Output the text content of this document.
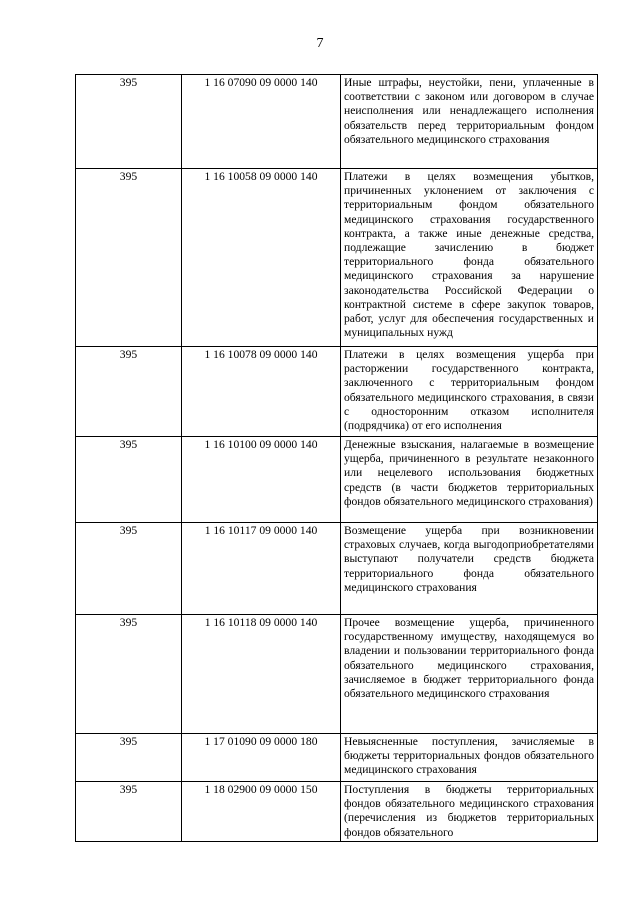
7
395	1 16 07090 09 0000 140	Иные штрафы, неустойки, пени, уплаченные в соответствии с законом или договором в случае неисполнения или ненадлежащего исполнения обязательств перед территориальным фондом обязательного медицинского страхования
395	1 16 10058 09 0000 140	Платежи в целях возмещения убытков, причиненных уклонением от заключения с территориальным фондом обязательного медицинского страхования государственного контракта, а также иные денежные средства, подлежащие зачислению в бюджет территориального фонда обязательного медицинского страхования за нарушение законодательства Российской Федерации о контрактной системе в сфере закупок товаров, работ, услуг для обеспечения государственных и муниципальных нужд
395	1 16 10078 09 0000 140	Платежи в целях возмещения ущерба при расторжении государственного контракта, заключенного с территориальным фондом обязательного медицинского страхования, в связи с односторонним отказом исполнителя (подрядчика) от его исполнения
395	1 16 10100 09 0000 140	Денежные взыскания, налагаемые в возмещение ущерба, причиненного в результате незаконного или нецелевого использования бюджетных средств (в части бюджетов территориальных фондов обязательного медицинского страхования)
395	1 16 10117 09 0000 140	Возмещение ущерба при возникновении страховых случаев, когда выгодоприобретателями выступают получатели средств бюджета территориального фонда обязательного медицинского страхования
395	1 16 10118 09 0000 140	Прочее возмещение ущерба, причиненного государственному имуществу, находящемуся во владении и пользовании территориального фонда обязательного медицинского страхования, зачисляемое в бюджет территориального фонда обязательного медицинского страхования
395	1 17 01090 09 0000 180	Невыясненные поступления, зачисляемые в бюджеты территориальных фондов обязательного медицинского страхования
395	1 18 02900 09 0000 150	Поступления в бюджеты территориальных фондов обязательного медицинского страхования (перечисления из бюджетов территориальных фондов обязательного
